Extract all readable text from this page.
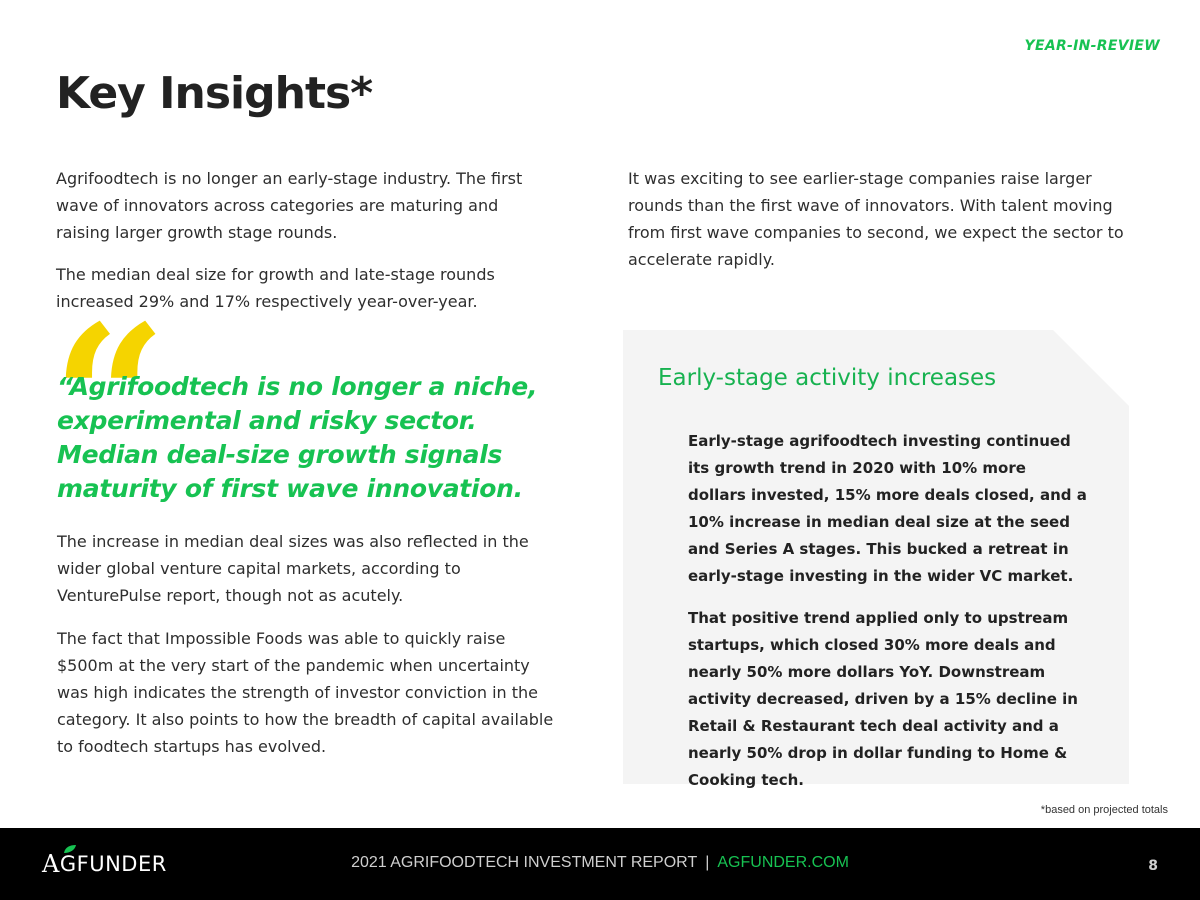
YEAR-IN-REVIEW
Key Insights*

Agrifoodtech is no longer an early-stage industry. The first wave of innovators across categories are maturing and raising larger growth stage rounds.

The median deal size for growth and late-stage rounds increased 29% and 17% respectively year-over-year.

It was exciting to see earlier-stage companies raise larger rounds than the first wave of innovators. With talent moving from first wave companies to second, we expect the sector to accelerate rapidly.

“

“Agrifoodtech is no longer a niche, experimental and risky sector. Median deal-size growth signals maturity of first wave innovation.

The increase in median deal sizes was also reflected in the wider global venture capital markets, according to VenturePulse report, though not as acutely.

The fact that Impossible Foods was able to quickly raise $500m at the very start of the pandemic when uncertainty was high indicates the strength of investor conviction in the category. It also points to how the breadth of capital available to foodtech startups has evolved.

Early-stage activity increases

Early-stage agrifoodtech investing continued its growth trend in 2020 with 10% more dollars invested, 15% more deals closed, and a 10% increase in median deal size at the seed and Series A stages. This bucked a retreat in early-stage investing in the wider VC market.

That positive trend applied only to upstream startups, which closed 30% more deals and nearly 50% more dollars YoY. Downstream activity decreased, driven by a 15% decline in Retail & Restaurant tech deal activity and a nearly 50% drop in dollar funding to Home & Cooking tech.

*based on projected totals
A G FUNDER	2021 AGRIFOODTECH INVESTMENT REPORT | AGFUNDER.COM	8
